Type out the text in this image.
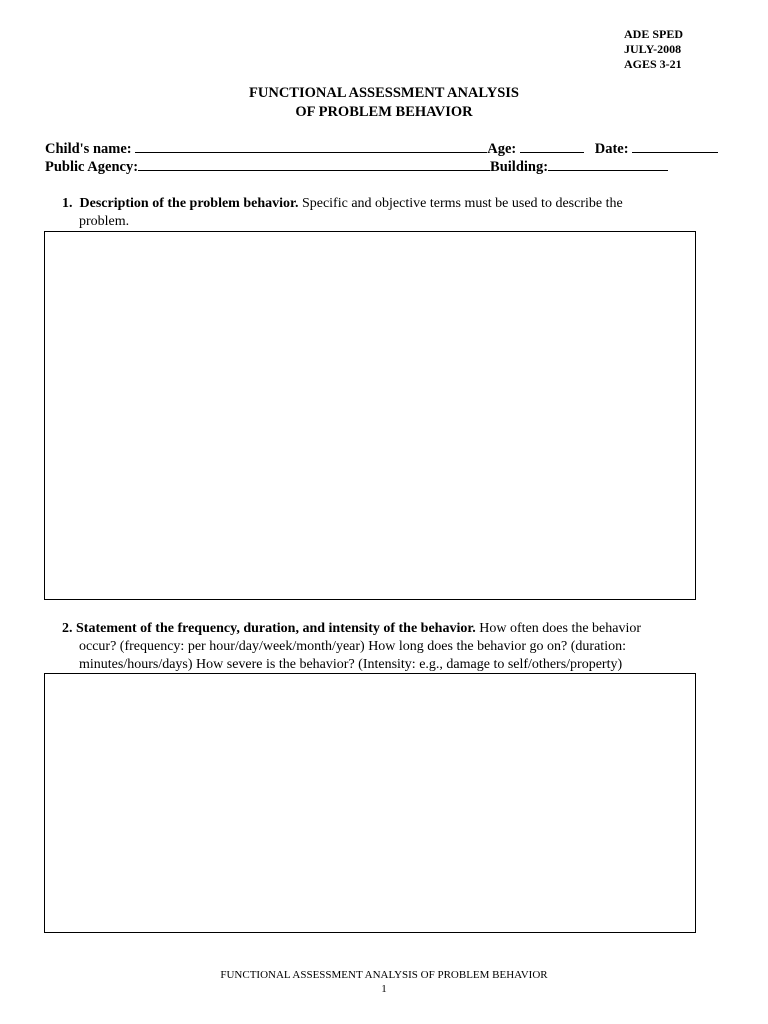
ADE SPED
JULY-2008
AGES 3-21
FUNCTIONAL ASSESSMENT ANALYSIS
OF PROBLEM BEHAVIOR
Child's name:	Age:	Date:
Public Agency:	Building:
1. Description of the problem behavior. Specific and objective terms must be used to describe the
problem.
2. Statement of the frequency, duration, and intensity of the behavior. How often does the behavior
occur? (frequency: per hour/day/week/month/year) How long does the behavior go on? (duration:
minutes/hours/days) How severe is the behavior? (Intensity: e.g., damage to self/others/property)
FUNCTIONAL ASSESSMENT ANALYSIS OF PROBLEM BEHAVIOR
1
